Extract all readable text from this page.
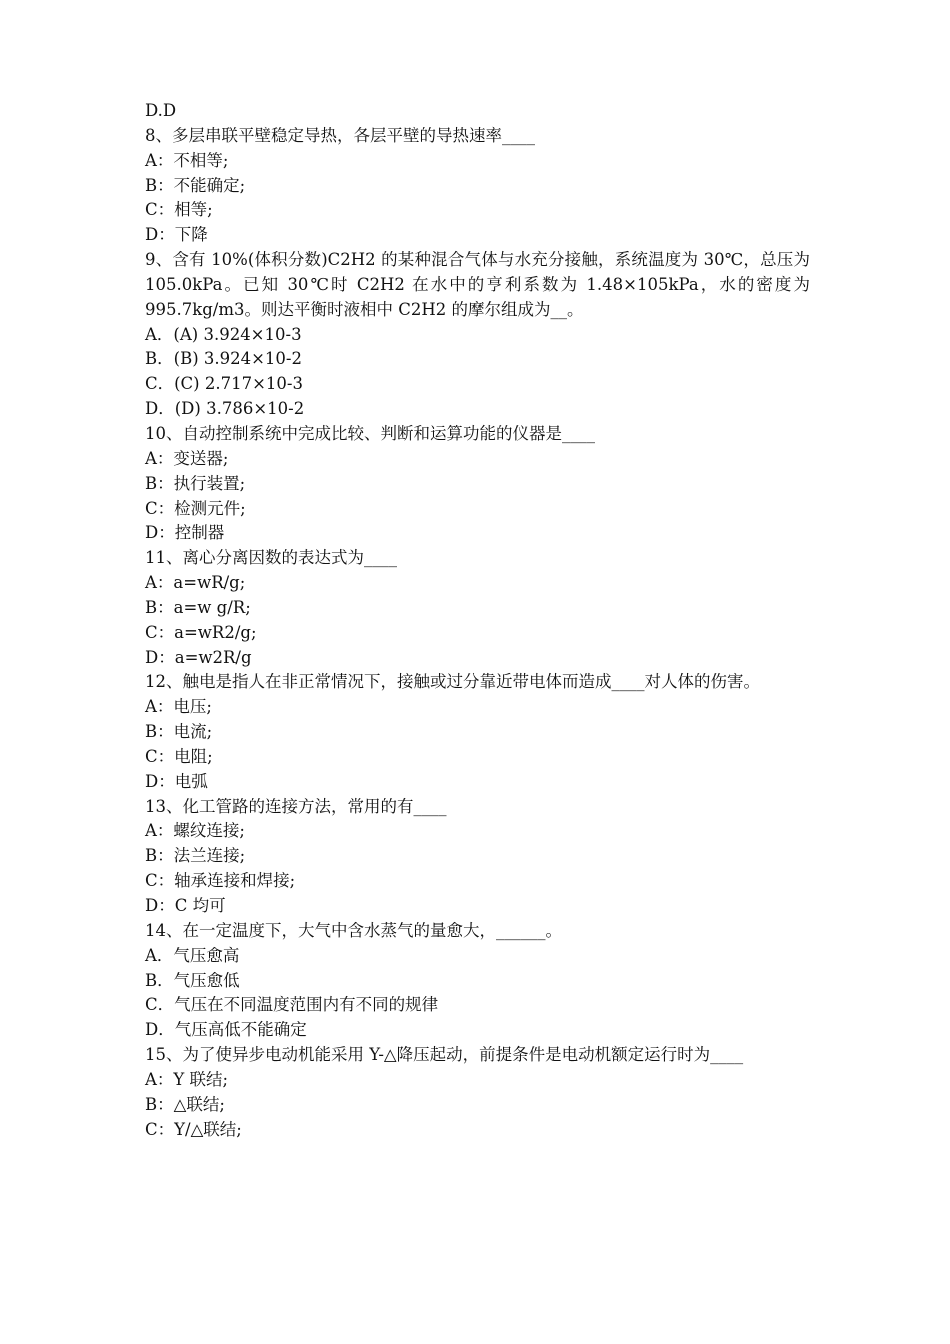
D.D
8、多层串联平壁稳定导热，各层平壁的导热速率____
A：不相等;
B：不能确定;
C：相等;
D：下降
9、含有 10%(体积分数)C2H2 的某种混合气体与水充分接触，系统温度为 30℃，总压为 105.0kPa。已知 30℃时 C2H2 在水中的亨利系数为 1.48×105kPa，水的密度为 995.7kg/m3。则达平衡时液相中 C2H2 的摩尔组成为__。
A．(A) 3.924×10-3
B．(B) 3.924×10-2
C．(C) 2.717×10-3
D．(D) 3.786×10-2
10、自动控制系统中完成比较、判断和运算功能的仪器是____
A：变送器;
B：执行装置;
C：检测元件;
D：控制器
11、离心分离因数的表达式为____
A：a=wR/g;
B：a=w g/R;
C：a=wR2/g;
D：a=w2R/g
12、触电是指人在非正常情况下，接触或过分靠近带电体而造成____对人体的伤害。
A：电压;
B：电流;
C：电阻;
D：电弧
13、化工管路的连接方法，常用的有____
A：螺纹连接;
B：法兰连接;
C：轴承连接和焊接;
D：C 均可
14、在一定温度下，大气中含水蒸气的量愈大，______。
A．气压愈高
B．气压愈低
C．气压在不同温度范围内有不同的规律
D．气压高低不能确定
15、为了使异步电动机能采用 Y-△降压起动，前提条件是电动机额定运行时为____
A：Y 联结;
B：△联结;
C：Y/△联结;
